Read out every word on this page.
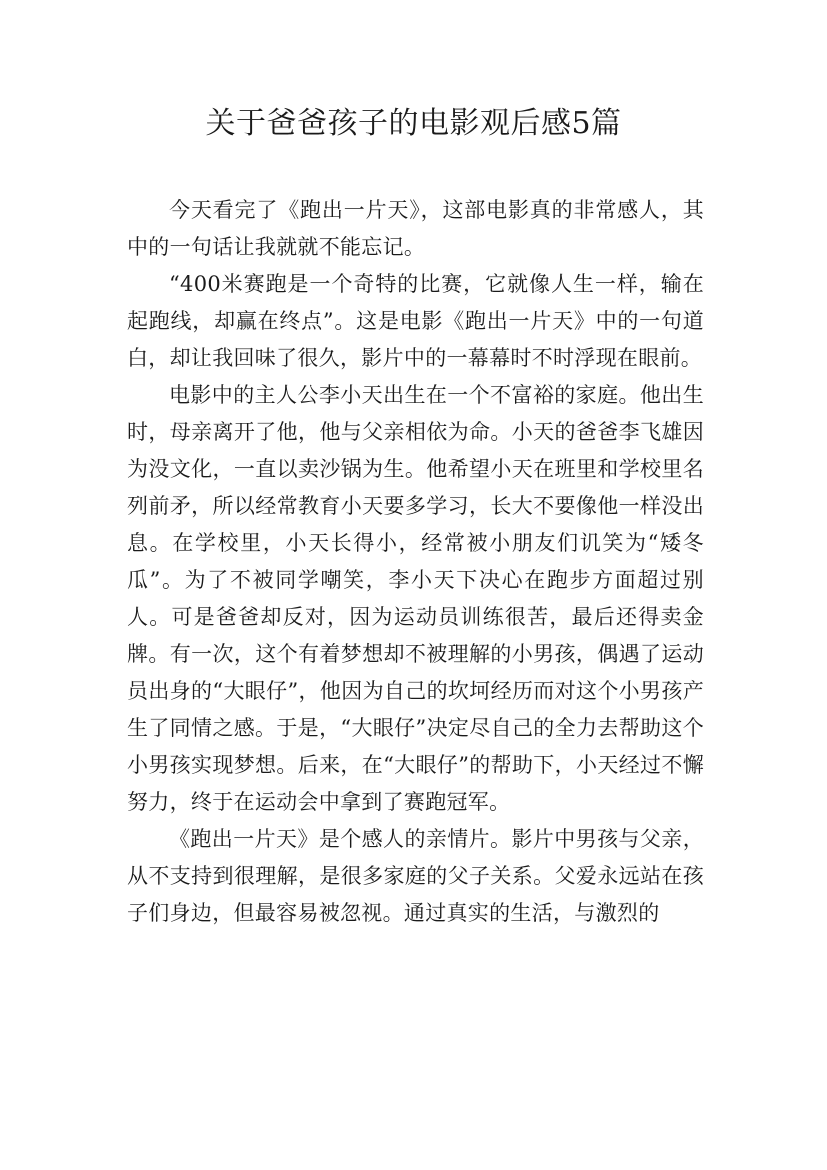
关于爸爸孩子的电影观后感5篇

今天看完了《跑出一片天》，这部电影真的非常感人，其中的一句话让我就就不能忘记。

“400米赛跑是一个奇特的比赛，它就像人生一样，输在起跑线，却赢在终点”。这是电影《跑出一片天》中的一句道白，却让我回味了很久，影片中的一幕幕时不时浮现在眼前。

电影中的主人公李小天出生在一个不富裕的家庭。他出生时，母亲离开了他，他与父亲相依为命。小天的爸爸李飞雄因为没文化，一直以卖沙锅为生。他希望小天在班里和学校里名列前矛，所以经常教育小天要多学习，长大不要像他一样没出息。在学校里，小天长得小，经常被小朋友们讥笑为“矮冬瓜”。为了不被同学嘲笑，李小天下决心在跑步方面超过别人。可是爸爸却反对，因为运动员训练很苦，最后还得卖金牌。有一次，这个有着梦想却不被理解的小男孩，偶遇了运动员出身的“大眼仔”，他因为自己的坎坷经历而对这个小男孩产生了同情之感。于是，“大眼仔”决定尽自己的全力去帮助这个小男孩实现梦想。后来，在“大眼仔”的帮助下，小天经过不懈努力，终于在运动会中拿到了赛跑冠军。

《跑出一片天》是个感人的亲情片。影片中男孩与父亲，从不支持到很理解，是很多家庭的父子关系。父爱永远站在孩子们身边，但最容易被忽视。通过真实的生活，与激烈的
